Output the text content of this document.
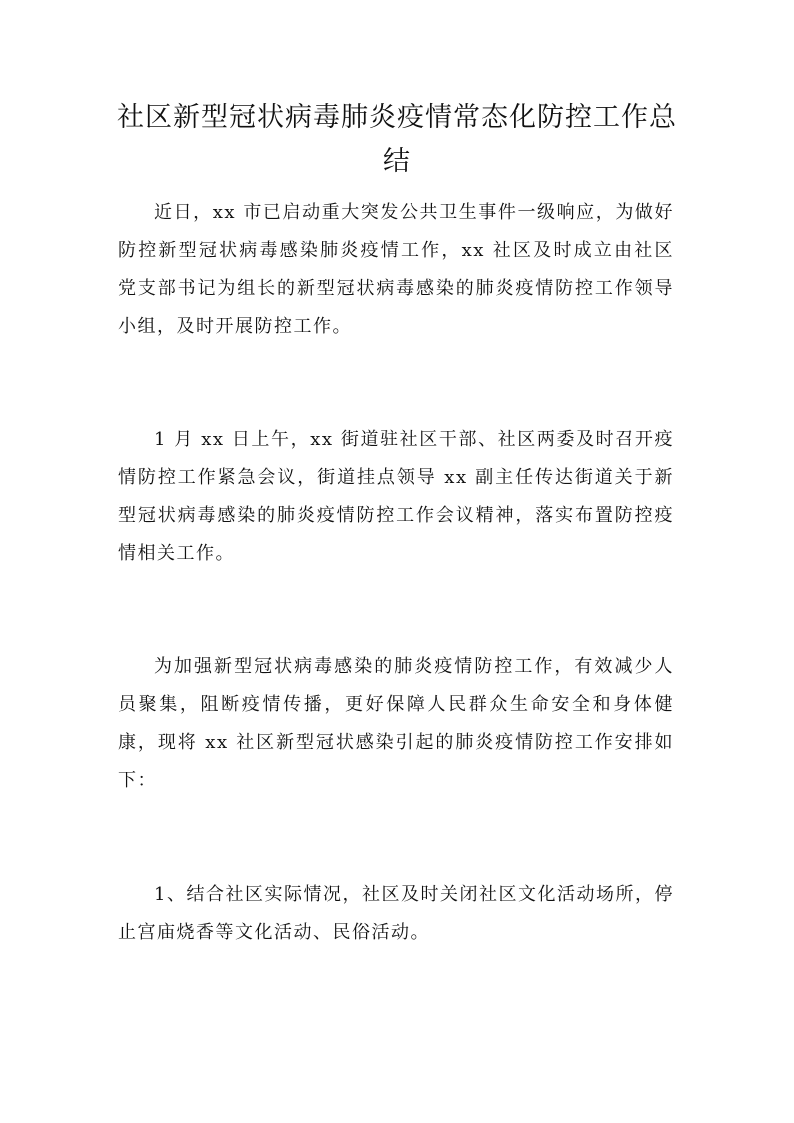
社区新型冠状病毒肺炎疫情常态化防控工作总结

近日，xx 市已启动重大突发公共卫生事件一级响应，为做好防控新型冠状病毒感染肺炎疫情工作，xx 社区及时成立由社区党支部书记为组长的新型冠状病毒感染的肺炎疫情防控工作领导小组，及时开展防控工作。

1 月 xx 日上午，xx 街道驻社区干部、社区两委及时召开疫情防控工作紧急会议，街道挂点领导 xx 副主任传达街道关于新型冠状病毒感染的肺炎疫情防控工作会议精神，落实布置防控疫情相关工作。

为加强新型冠状病毒感染的肺炎疫情防控工作，有效减少人员聚集，阻断疫情传播，更好保障人民群众生命安全和身体健康，现将 xx 社区新型冠状感染引起的肺炎疫情防控工作安排如下：

1、结合社区实际情况，社区及时关闭社区文化活动场所，停止宫庙烧香等文化活动、民俗活动。
